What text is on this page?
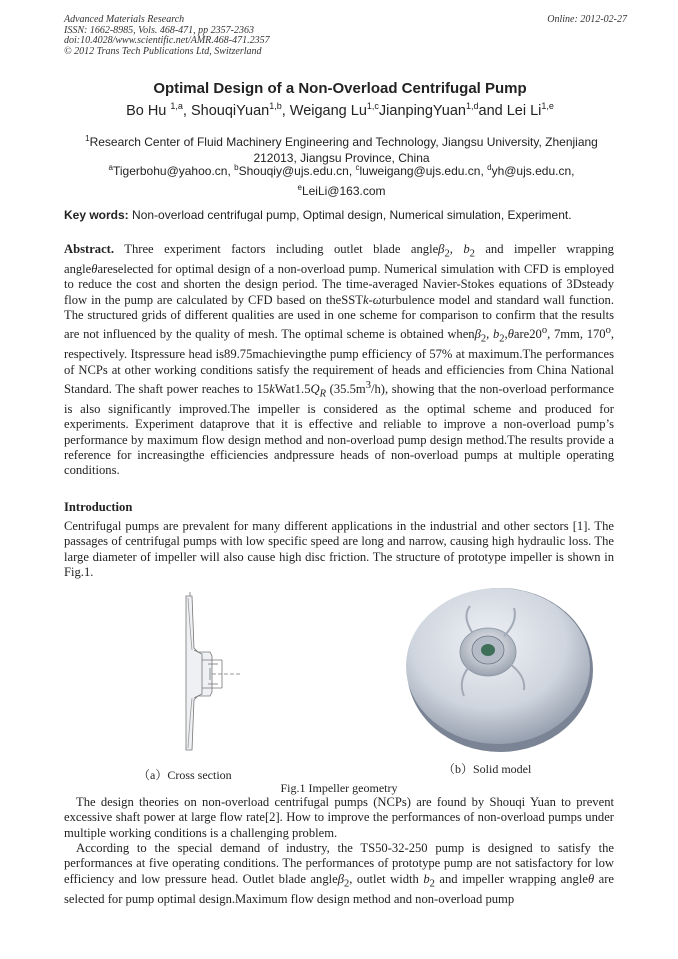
Advanced Materials Research
ISSN: 1662-8985, Vols. 468-471, pp 2357-2363
doi:10.4028/www.scientific.net/AMR.468-471.2357
© 2012 Trans Tech Publications Ltd, Switzerland
Online: 2012-02-27
Optimal Design of a Non-Overload Centrifugal Pump
Bo Hu $^{1,a}$, ShouqiYuan$^{1,b}$, Weigang Lu$^{1,c}$JianpingYuan$^{1,d}$and Lei Li$^{1,e}$
$^1$Research Center of Fluid Machinery Engineering and Technology, Jiangsu University, Zhenjiang
212013, Jiangsu Province, China
$^a$Tigerbohu@yahoo.cn, $^b$Shouqiy@ujs.edu.cn, $^c$luweigang@ujs.edu.cn, $^d$yh@ujs.edu.cn,
$^e$LeiLi@163.com
Key words: Non-overload centrifugal pump, Optimal design, Numerical simulation, Experiment.

Abstract. Three experiment factors including outlet blade angleβ$_2$, $b_2$ and impeller wrapping angleθareselected for optimal design of a non-overload pump. Numerical simulation with CFD is employed to reduce the cost and shorten the design period. The time-averaged Navier-Stokes equations of 3Dsteady flow in the pump are calculated by CFD based on theSSTk-ωturbulence model and standard wall function. The structured grids of different qualities are used in one scheme for comparison to confirm that the results are not influenced by the quality of mesh. The optimal scheme is obtained whenβ$_2$, $b_2,\theta are20^o$, 7mm, 170$^o$, respectively. Itspressure head is89.75machievingthe pump efficiency of 57% at maximum.The performances of NCPs at other working conditions satisfy the requirement of heads and efficiencies from China National Standard. The shaft power reaches to $15kWat1.5Q_R$ $(35.5m^3/h)$, showing that the non-overload performance is also significantly improved.The impeller is considered as the optimal scheme and produced for experiments. Experiment dataprove that it is effective and reliable to improve a non-overload pump’s performance by maximum flow design method and non-overload pump design method.The results provide a reference for increasingthe efficiencies andpressure heads of non-overload pumps at multiple operating conditions.

Introduction

Centrifugal pumps are prevalent for many different applications in the industrial and other sectors [1]. The passages of centrifugal pumps with low specific speed are long and narrow, causing high hydraulic loss. The large diameter of impeller will also cause high disc friction. The structure of prototype impeller is shown in Fig.1.

（a）Cross section	（b）Solid model
Fig.1 Impeller geometry

The design theories on non-overload centrifugal pumps (NCPs) are found by Shouqi Yuan to prevent excessive shaft power at large flow rate[2]. How to improve the performances of non-overload pumps under multiple working conditions is a challenging problem.

According to the special demand of industry, the TS50-32-250 pump is designed to satisfy the performances at five operating conditions. The performances of prototype pump are not satisfactory for low efficiency and low pressure head. Outlet blade angleβ$_2$, outlet width $b_2$ and impeller wrapping angleθ are selected for pump optimal design.Maximum flow design method and non-overload pump
